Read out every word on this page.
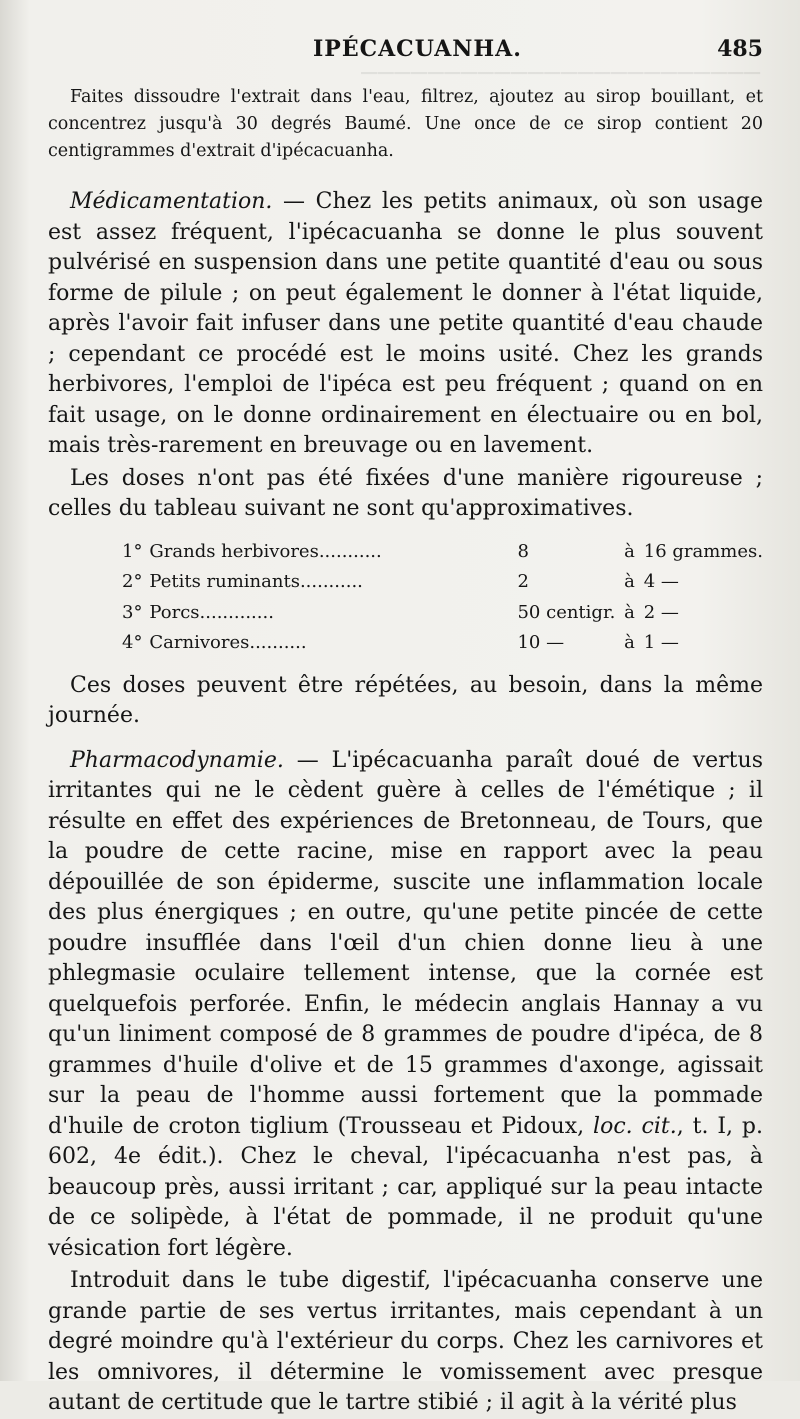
────────────────────────
IPÉCACUANHA.	485

Faites dissoudre l'extrait dans l'eau, filtrez, ajoutez au sirop bouillant, et concentrez jusqu'à 30 degrés Baumé. Une once de ce sirop contient 20 centigrammes d'extrait d'ipécacuanha.

Médicamentation. — Chez les petits animaux, où son usage est assez fréquent, l'ipécacuanha se donne le plus souvent pulvérisé en suspension dans une petite quantité d'eau ou sous forme de pilule ; on peut également le donner à l'état liquide, après l'avoir fait infuser dans une petite quantité d'eau chaude ; cependant ce procédé est le moins usité. Chez les grands herbivores, l'emploi de l'ipéca est peu fréquent ; quand on en fait usage, on le donne ordinairement en électuaire ou en bol, mais très-rarement en breuvage ou en lavement.

Les doses n'ont pas été fixées d'une manière rigoureuse ; celles du tableau suivant ne sont qu'approximatives.

1°	Grands herbivores...........	8	à	16 grammes.
2°	Petits ruminants...........	2	à	4 —
3°	Porcs.............	50 centigr.	à	2 —
4°	Carnivores..........	10 —	à	1 —

Ces doses peuvent être répétées, au besoin, dans la même journée.

Pharmacodynamie. — L'ipécacuanha paraît doué de vertus irritantes qui ne le cèdent guère à celles de l'émétique ; il résulte en effet des expériences de Bretonneau, de Tours, que la poudre de cette racine, mise en rapport avec la peau dépouillée de son épiderme, suscite une inflammation locale des plus énergiques ; en outre, qu'une petite pincée de cette poudre insufflée dans l'œil d'un chien donne lieu à une phlegmasie oculaire tellement intense, que la cornée est quelquefois perforée. Enfin, le médecin anglais Hannay a vu qu'un liniment composé de 8 grammes de poudre d'ipéca, de 8 grammes d'huile d'olive et de 15 grammes d'axonge, agissait sur la peau de l'homme aussi fortement que la pommade d'huile de croton tiglium (Trousseau et Pidoux, loc. cit., t. I, p. 602, 4e édit.). Chez le cheval, l'ipécacuanha n'est pas, à beaucoup près, aussi irritant ; car, appliqué sur la peau intacte de ce solipède, à l'état de pommade, il ne produit qu'une vésication fort légère.

Introduit dans le tube digestif, l'ipécacuanha conserve une grande partie de ses vertus irritantes, mais cependant à un degré moindre qu'à l'extérieur du corps. Chez les carnivores et les omnivores, il détermine le vomissement avec presque autant de certitude que le tartre stibié ; il agit à la vérité plus
